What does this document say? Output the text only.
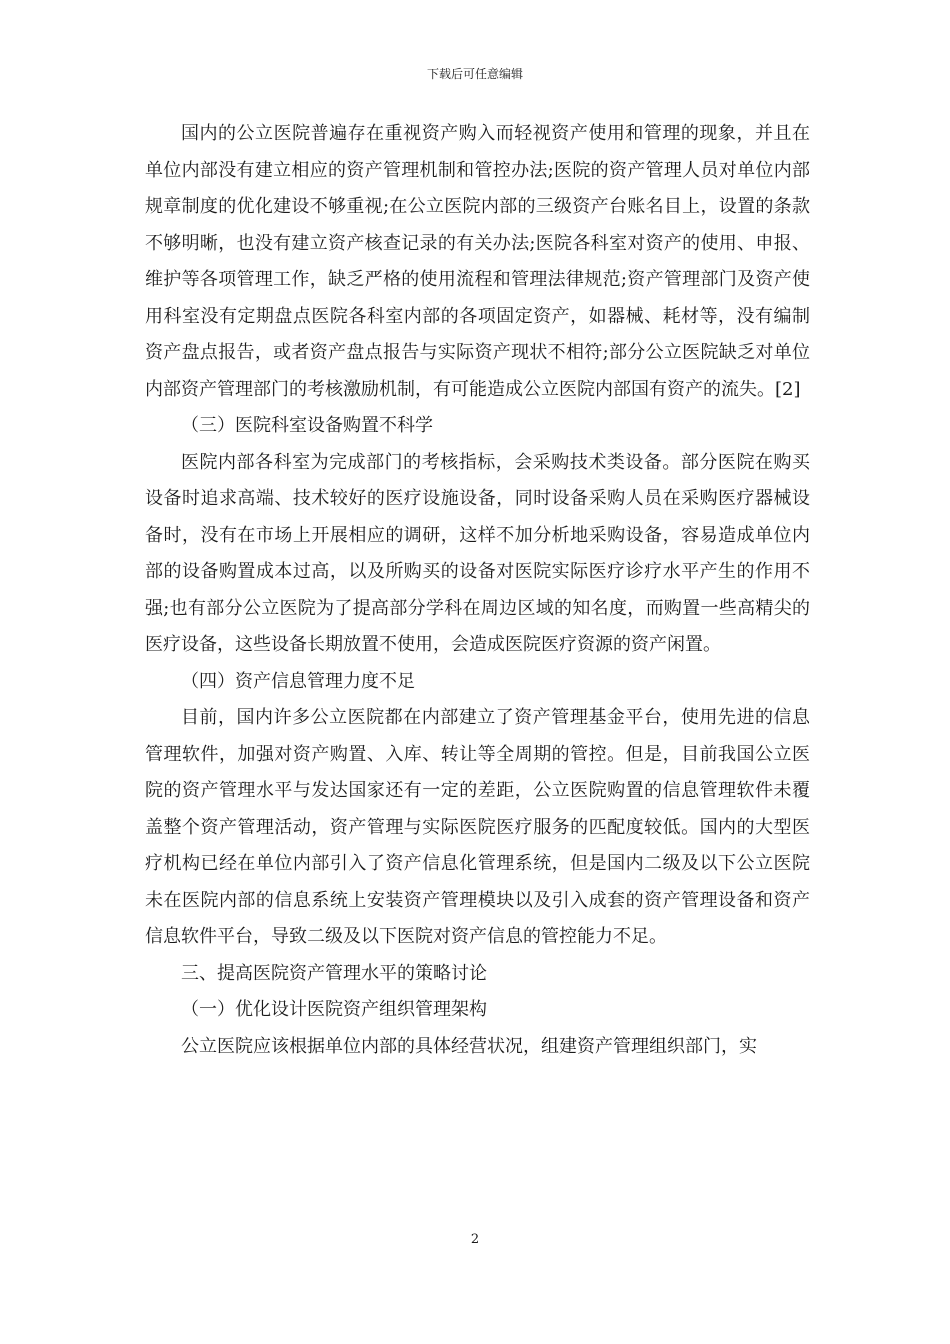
下载后可任意编辑

国内的公立医院普遍存在重视资产购入而轻视资产使用和管理的现象，并且在单位内部没有建立相应的资产管理机制和管控办法;医院的资产管理人员对单位内部规章制度的优化建设不够重视;在公立医院内部的三级资产台账名目上，设置的条款不够明晰，也没有建立资产核查记录的有关办法;医院各科室对资产的使用、申报、维护等各项管理工作，缺乏严格的使用流程和管理法律规范;资产管理部门及资产使用科室没有定期盘点医院各科室内部的各项固定资产，如器械、耗材等，没有编制资产盘点报告，或者资产盘点报告与实际资产现状不相符;部分公立医院缺乏对单位内部资产管理部门的考核激励机制，有可能造成公立医院内部国有资产的流失。[2]

（三）医院科室设备购置不科学

医院内部各科室为完成部门的考核指标，会采购技术类设备。部分医院在购买设备时追求高端、技术较好的医疗设施设备，同时设备采购人员在采购医疗器械设备时，没有在市场上开展相应的调研，这样不加分析地采购设备，容易造成单位内部的设备购置成本过高，以及所购买的设备对医院实际医疗诊疗水平产生的作用不强;也有部分公立医院为了提高部分学科在周边区域的知名度，而购置一些高精尖的医疗设备，这些设备长期放置不使用，会造成医院医疗资源的资产闲置。

（四）资产信息管理力度不足

目前，国内许多公立医院都在内部建立了资产管理基金平台，使用先进的信息管理软件，加强对资产购置、入库、转让等全周期的管控。但是，目前我国公立医院的资产管理水平与发达国家还有一定的差距，公立医院购置的信息管理软件未覆盖整个资产管理活动，资产管理与实际医院医疗服务的匹配度较低。国内的大型医疗机构已经在单位内部引入了资产信息化管理系统，但是国内二级及以下公立医院未在医院内部的信息系统上安装资产管理模块以及引入成套的资产管理设备和资产信息软件平台，导致二级及以下医院对资产信息的管控能力不足。

三、提高医院资产管理水平的策略讨论

（一）优化设计医院资产组织管理架构

公立医院应该根据单位内部的具体经营状况，组建资产管理组织部门，实

2
